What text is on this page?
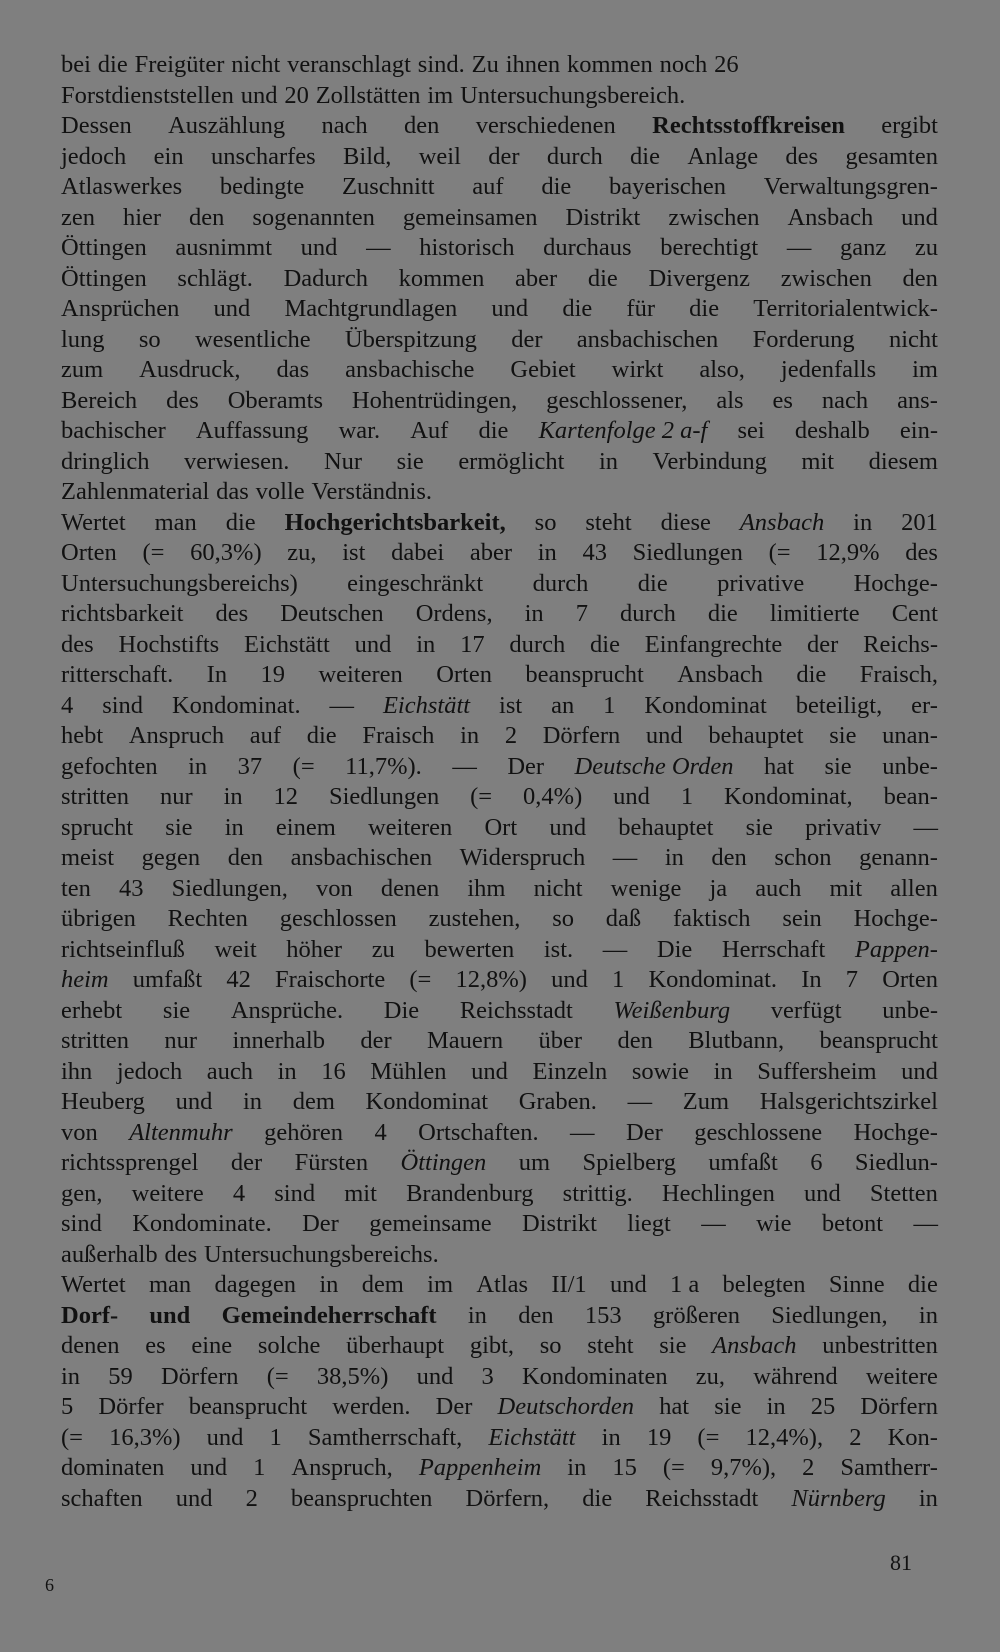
bei die Freigüter nicht veranschlagt sind. Zu ihnen kommen noch 26
Forstdienststellen und 20 Zollstätten im Untersuchungsbereich.
Dessen Auszählung nach den verschiedenen Rechtsstoffkreisen ergibt
jedoch ein unscharfes Bild, weil der durch die Anlage des gesamten
Atlaswerkes bedingte Zuschnitt auf die bayerischen Verwaltungsgren-
zen hier den sogenannten gemeinsamen Distrikt zwischen Ansbach und
Öttingen ausnimmt und — historisch durchaus berechtigt — ganz zu
Öttingen schlägt. Dadurch kommen aber die Divergenz zwischen den
Ansprüchen und Machtgrundlagen und die für die Territorialentwick-
lung so wesentliche Überspitzung der ansbachischen Forderung nicht
zum Ausdruck, das ansbachische Gebiet wirkt also, jedenfalls im
Bereich des Oberamts Hohentrüdingen, geschlossener, als es nach ans-
bachischer Auffassung war. Auf die Kartenfolge 2 a-f sei deshalb ein-
dringlich verwiesen. Nur sie ermöglicht in Verbindung mit diesem
Zahlenmaterial das volle Verständnis.
Wertet man die Hochgerichtsbarkeit, so steht diese Ansbach in 201
Orten (= 60,3%) zu, ist dabei aber in 43 Siedlungen (= 12,9% des
Untersuchungsbereichs) eingeschränkt durch die privative Hochge-
richtsbarkeit des Deutschen Ordens, in 7 durch die limitierte Cent
des Hochstifts Eichstätt und in 17 durch die Einfangrechte der Reichs-
ritterschaft. In 19 weiteren Orten beansprucht Ansbach die Fraisch,
4 sind Kondominat. — Eichstätt ist an 1 Kondominat beteiligt, er-
hebt Anspruch auf die Fraisch in 2 Dörfern und behauptet sie unan-
gefochten in 37 (= 11,7%). — Der Deutsche Orden hat sie unbe-
stritten nur in 12 Siedlungen (= 0,4%) und 1 Kondominat, bean-
sprucht sie in einem weiteren Ort und behauptet sie privativ —
meist gegen den ansbachischen Widerspruch — in den schon genann-
ten 43 Siedlungen, von denen ihm nicht wenige ja auch mit allen
übrigen Rechten geschlossen zustehen, so daß faktisch sein Hochge-
richtseinfluß weit höher zu bewerten ist. — Die Herrschaft Pappen-
heim umfaßt 42 Fraischorte (= 12,8%) und 1 Kondominat. In 7 Orten
erhebt sie Ansprüche. Die Reichsstadt Weißenburg verfügt unbe-
stritten nur innerhalb der Mauern über den Blutbann, beansprucht
ihn jedoch auch in 16 Mühlen und Einzeln sowie in Suffersheim und
Heuberg und in dem Kondominat Graben. — Zum Halsgerichtszirkel
von Altenmuhr gehören 4 Ortschaften. — Der geschlossene Hochge-
richtssprengel der Fürsten Öttingen um Spielberg umfaßt 6 Siedlun-
gen, weitere 4 sind mit Brandenburg strittig. Hechlingen und Stetten
sind Kondominate. Der gemeinsame Distrikt liegt — wie betont —
außerhalb des Untersuchungsbereichs.
Wertet man dagegen in dem im Atlas II/1 und 1 a belegten Sinne die
Dorf- und Gemeindeherrschaft in den 153 größeren Siedlungen, in
denen es eine solche überhaupt gibt, so steht sie Ansbach unbestritten
in 59 Dörfern (= 38,5%) und 3 Kondominaten zu, während weitere
5 Dörfer beansprucht werden. Der Deutschorden hat sie in 25 Dörfern
(= 16,3%) und 1 Samtherrschaft, Eichstätt in 19 (= 12,4%), 2 Kon-
dominaten und 1 Anspruch, Pappenheim in 15 (= 9,7%), 2 Samtherr-
schaften und 2 beanspruchten Dörfern, die Reichsstadt Nürnberg in
81
6
